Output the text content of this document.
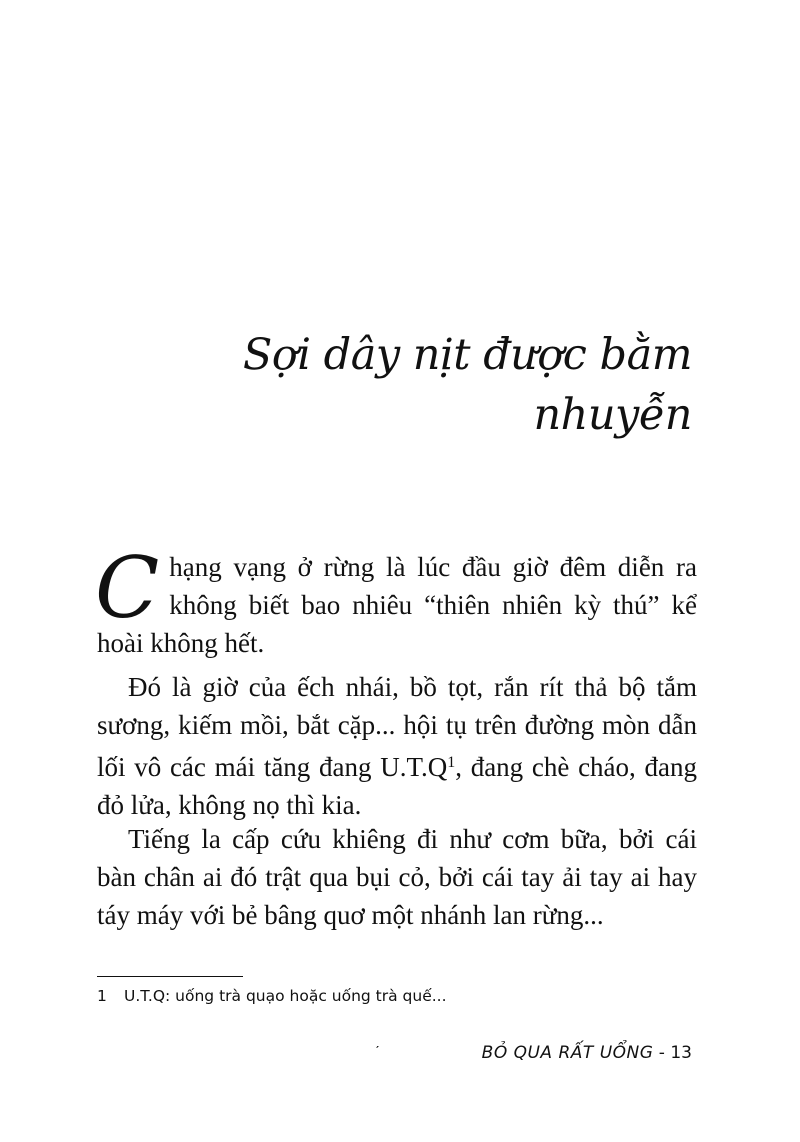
Sợi dây nịt được bằm nhuyễn

Chạng vạng ở rừng là lúc đầu giờ đêm diễn ra không biết bao nhiêu “thiên nhiên kỳ thú” kể hoài không hết.

Đó là giờ của ếch nhái, bồ tọt, rắn rít thả bộ tắm sương, kiếm mồi, bắt cặp... hội tụ trên đường mòn dẫn lối vô các mái tăng đang $U.T.Q^1$, đang chè cháo, đang đỏ lửa, không nọ thì kia.

Tiếng la cấp cứu khiêng đi như cơm bữa, bởi cái bàn chân ai đó trật qua bụi cỏ, bởi cái tay ải tay ai hay táy máy với bẻ bâng quơ một nhánh lan rừng...

1 U.T.Q: uống trà quạo hoặc uống trà quế...
ˊ	BỎ QUA RẤT UỔNG - 13
